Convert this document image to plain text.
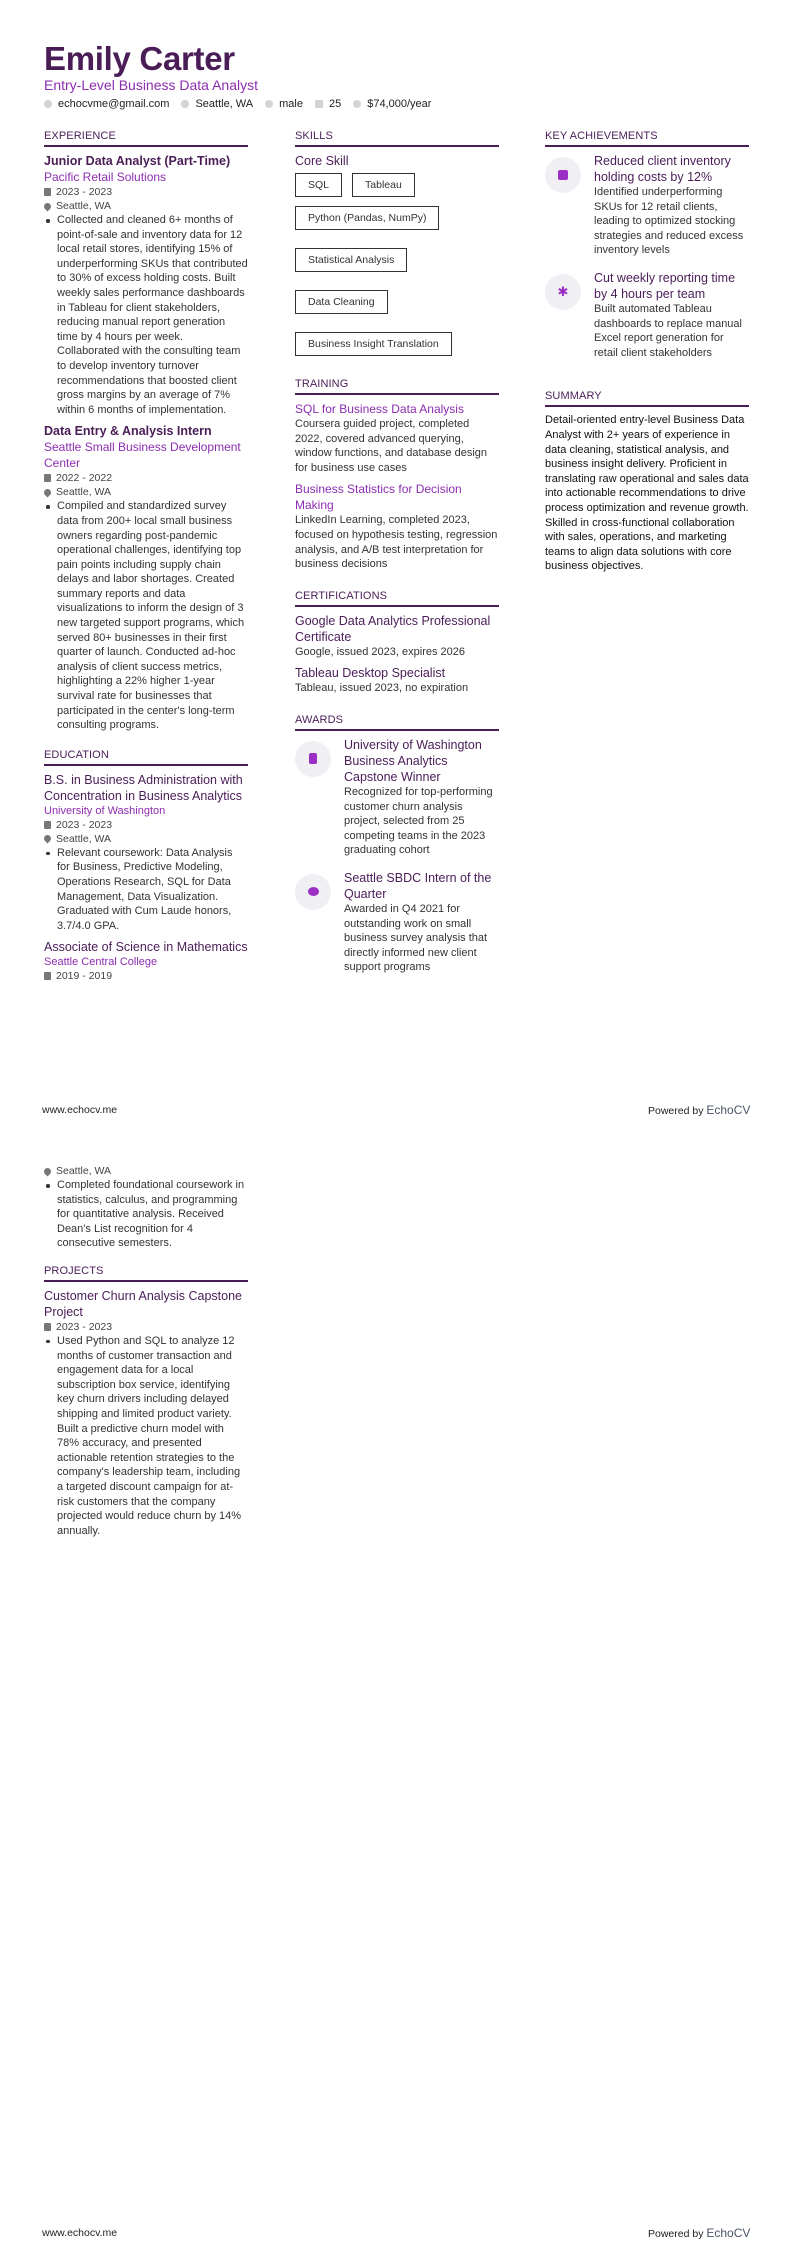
Emily Carter
Entry-Level Business Data Analyst
echocvme@gmail.com Seattle, WA male 25 $74,000/year
EXPERIENCE
Junior Data Analyst (Part-Time)
Pacific Retail Solutions
2023 - 2023
Seattle, WA
Collected and cleaned 6+ months of point-of-sale and inventory data for 12 local retail stores, identifying 15% of underperforming SKUs that contributed to 30% of excess holding costs. Built weekly sales performance dashboards in Tableau for client stakeholders, reducing manual report generation time by 4 hours per week. Collaborated with the consulting team to develop inventory turnover recommendations that boosted client gross margins by an average of 7% within 6 months of implementation.
Data Entry & Analysis Intern
Seattle Small Business Development Center
2022 - 2022
Seattle, WA
Compiled and standardized survey data from 200+ local small business owners regarding post-pandemic operational challenges, identifying top pain points including supply chain delays and labor shortages. Created summary reports and data visualizations to inform the design of 3 new targeted support programs, which served 80+ businesses in their first quarter of launch. Conducted ad-hoc analysis of client success metrics, highlighting a 22% higher 1-year survival rate for businesses that participated in the center's long-term consulting programs.
EDUCATION
B.S. in Business Administration with Concentration in Business Analytics
University of Washington
2023 - 2023
Seattle, WA
Relevant coursework: Data Analysis for Business, Predictive Modeling, Operations Research, SQL for Data Management, Data Visualization. Graduated with Cum Laude honors, 3.7/4.0 GPA.
Associate of Science in Mathematics
Seattle Central College
2019 - 2019
SKILLS
Core Skill
SQL	Tableau
Python (Pandas, NumPy)
Statistical Analysis
Data Cleaning
Business Insight Translation
TRAINING
SQL for Business Data Analysis
Coursera guided project, completed 2022, covered advanced querying, window functions, and database design for business use cases
Business Statistics for Decision Making
LinkedIn Learning, completed 2023, focused on hypothesis testing, regression analysis, and A/B test interpretation for business decisions
CERTIFICATIONS
Google Data Analytics Professional Certificate
Google, issued 2023, expires 2026
Tableau Desktop Specialist
Tableau, issued 2023, no expiration
AWARDS
University of Washington Business Analytics Capstone Winner
Recognized for top-performing customer churn analysis project, selected from 25 competing teams in the 2023 graduating cohort
Seattle SBDC Intern of the Quarter
Awarded in Q4 2021 for outstanding work on small business survey analysis that directly informed new client support programs
KEY ACHIEVEMENTS
Reduced client inventory holding costs by 12%
Identified underperforming SKUs for 12 retail clients, leading to optimized stocking strategies and reduced excess inventory levels
✱
Cut weekly reporting time by 4 hours per team
Built automated Tableau dashboards to replace manual Excel report generation for retail client stakeholders
SUMMARY
Detail-oriented entry-level Business Data Analyst with 2+ years of experience in data cleaning, statistical analysis, and business insight delivery. Proficient in translating raw operational and sales data into actionable recommendations to drive process optimization and revenue growth. Skilled in cross-functional collaboration with sales, operations, and marketing teams to align data solutions with core business objectives.
www.echocv.me	Powered by EchoCV
Seattle, WA
Completed foundational coursework in statistics, calculus, and programming for quantitative analysis. Received Dean's List recognition for 4 consecutive semesters.
PROJECTS
Customer Churn Analysis Capstone Project
2023 - 2023
Used Python and SQL to analyze 12 months of customer transaction and engagement data for a local subscription box service, identifying key churn drivers including delayed shipping and limited product variety. Built a predictive churn model with 78% accuracy, and presented actionable retention strategies to the company's leadership team, including a targeted discount campaign for at-risk customers that the company projected would reduce churn by 14% annually.
www.echocv.me	Powered by EchoCV
